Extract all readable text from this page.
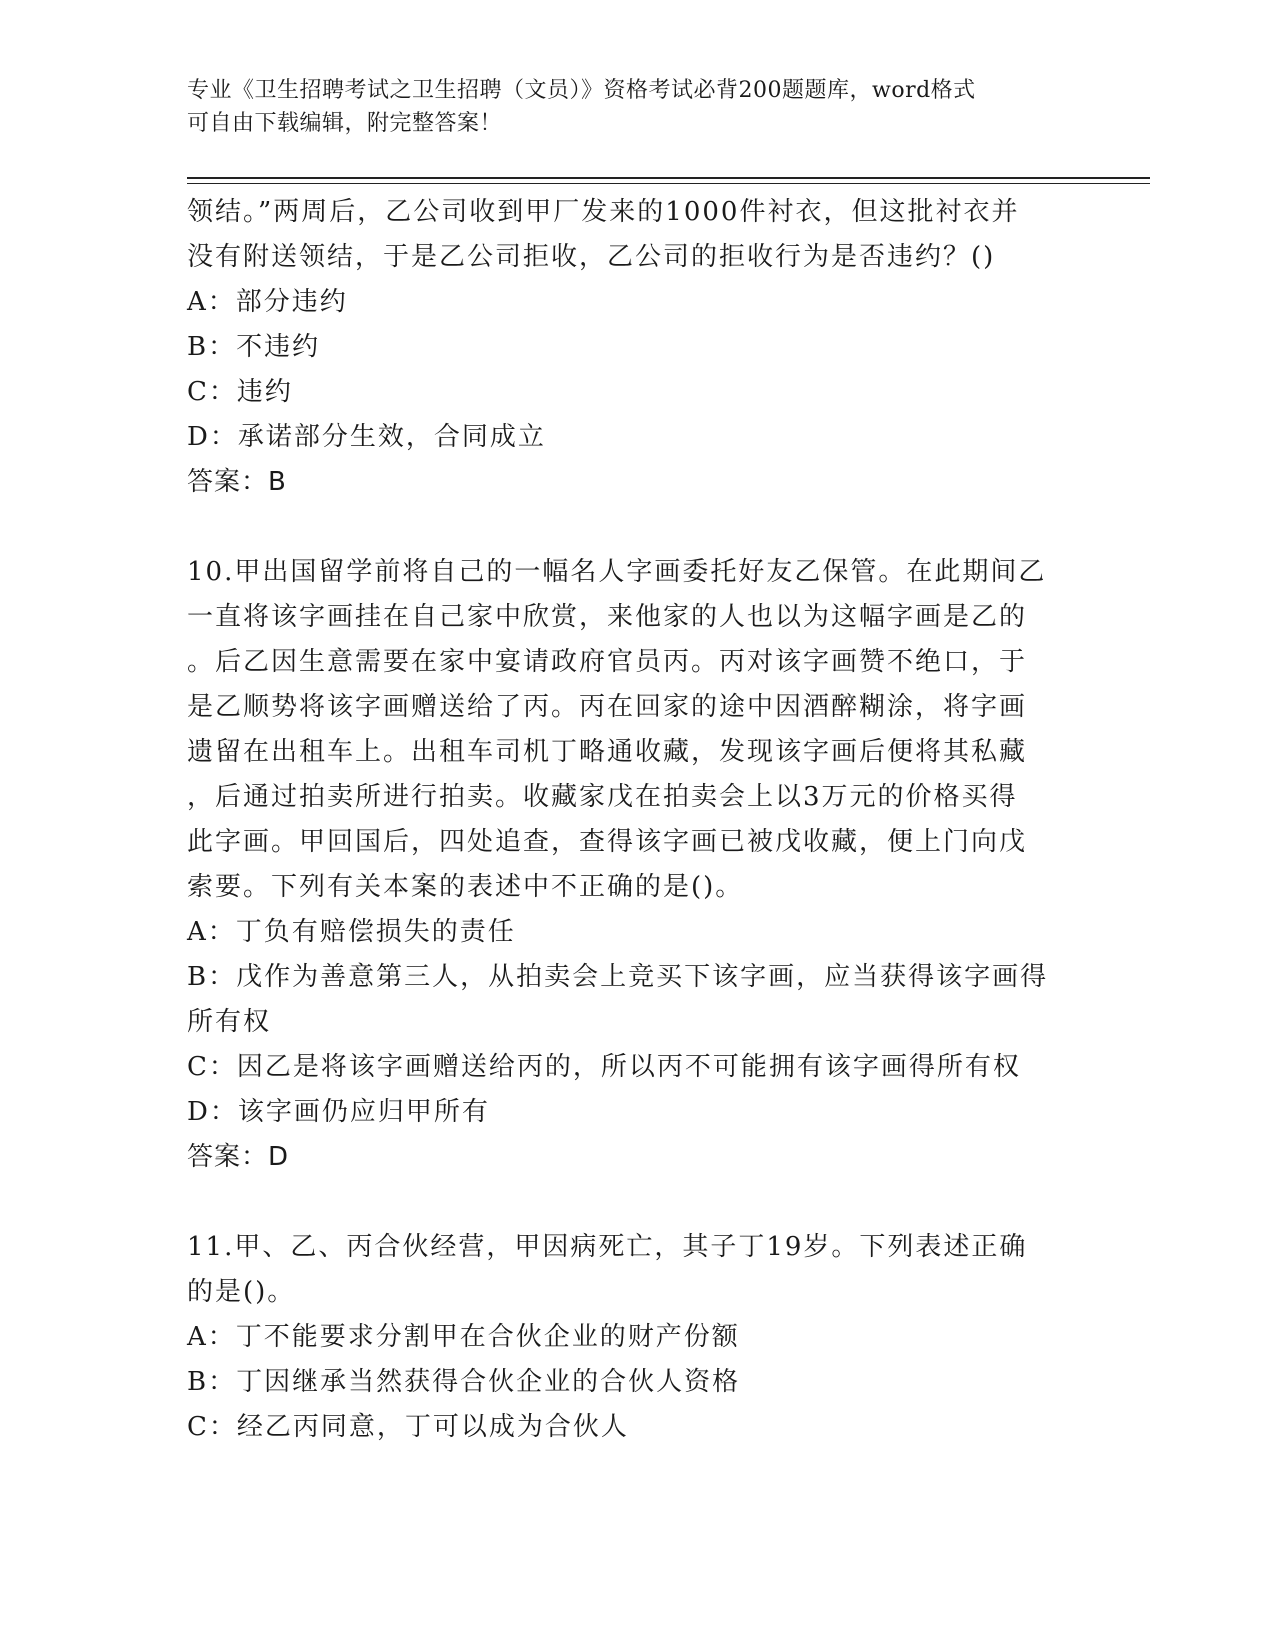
专业《卫生招聘考试之卫生招聘（文员）》资格考试必背200题题库，word格式
可自由下载编辑，附完整答案！
领结。”两周后，乙公司收到甲厂发来的1000件衬衣，但这批衬衣并
没有附送领结，于是乙公司拒收，乙公司的拒收行为是否违约？()
A：部分违约
B：不违约
C：违约
D：承诺部分生效，合同成立
答案：B
10.甲出国留学前将自己的一幅名人字画委托好友乙保管。在此期间乙
一直将该字画挂在自己家中欣赏，来他家的人也以为这幅字画是乙的
。后乙因生意需要在家中宴请政府官员丙。丙对该字画赞不绝口，于
是乙顺势将该字画赠送给了丙。丙在回家的途中因酒醉糊涂，将字画
遗留在出租车上。出租车司机丁略通收藏，发现该字画后便将其私藏
，后通过拍卖所进行拍卖。收藏家戊在拍卖会上以3万元的价格买得
此字画。甲回国后，四处追查，查得该字画已被戊收藏，便上门向戊
索要。下列有关本案的表述中不正确的是()。
A：丁负有赔偿损失的责任
B：戊作为善意第三人，从拍卖会上竞买下该字画，应当获得该字画得
所有权
C：因乙是将该字画赠送给丙的，所以丙不可能拥有该字画得所有权
D：该字画仍应归甲所有
答案：D
11.甲、乙、丙合伙经营，甲因病死亡，其子丁19岁。下列表述正确
的是()。
A：丁不能要求分割甲在合伙企业的财产份额
B：丁因继承当然获得合伙企业的合伙人资格
C：经乙丙同意，丁可以成为合伙人
